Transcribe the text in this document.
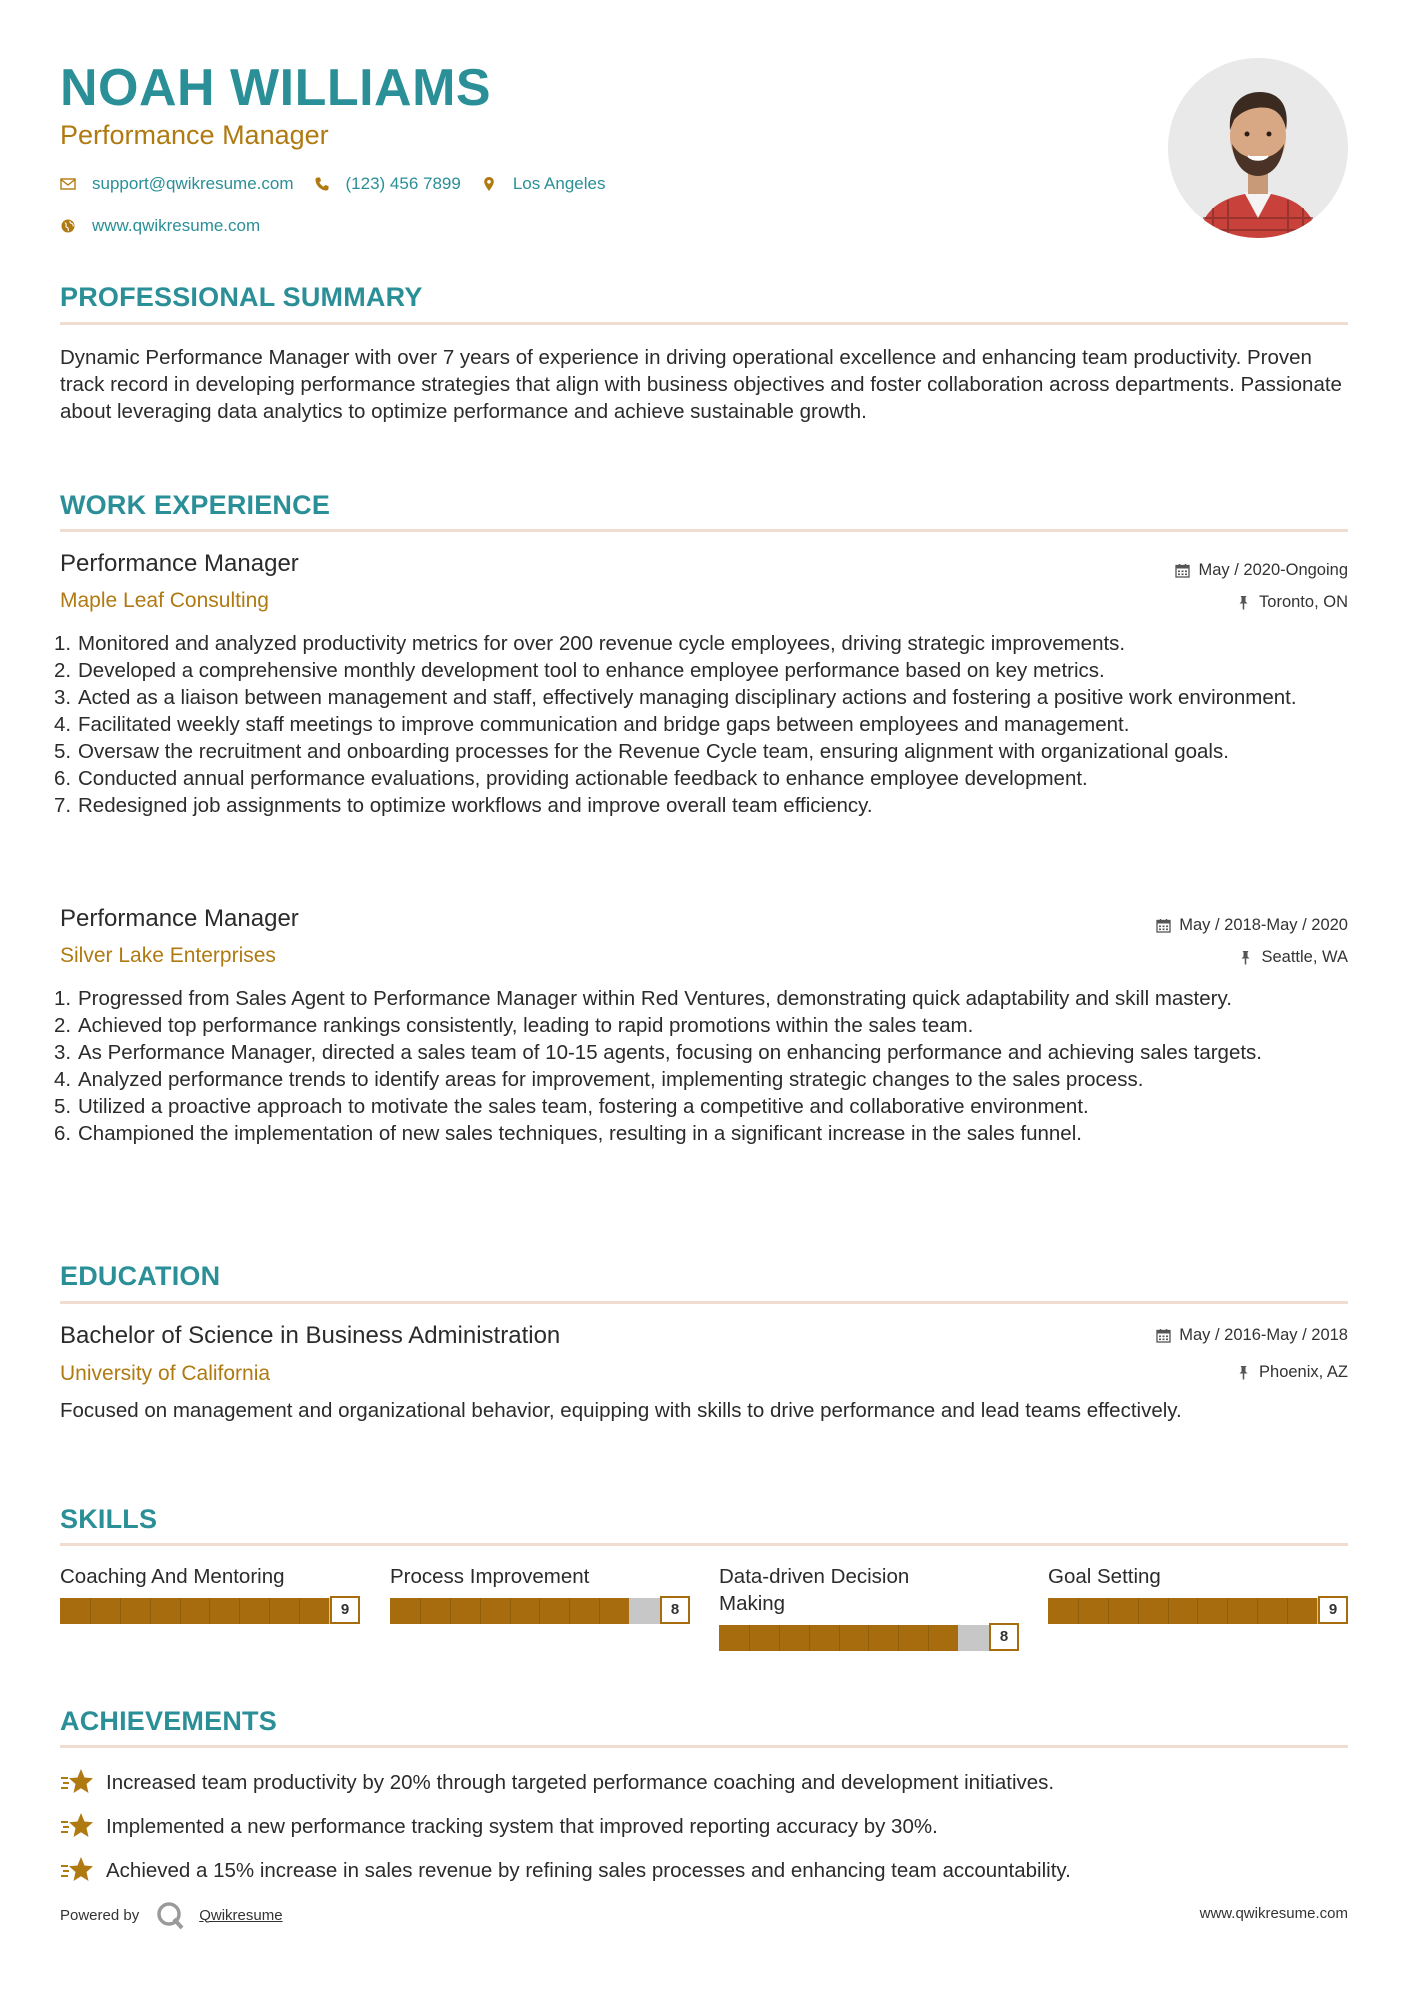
NOAH WILLIAMS
Performance Manager
support@qwikresume.com	(123) 456 7899	Los Angeles
www.qwikresume.com
PROFESSIONAL SUMMARY
Dynamic Performance Manager with over 7 years of experience in driving operational excellence and enhancing team productivity. Proven track record in developing performance strategies that align with business objectives and foster collaboration across departments. Passionate about leveraging data analytics to optimize performance and achieve sustainable growth.
WORK EXPERIENCE
Performance Manager
Maple Leaf Consulting
May / 2020-Ongoing
Toronto, ON
1. Monitored and analyzed productivity metrics for over 200 revenue cycle employees, driving strategic improvements.
2. Developed a comprehensive monthly development tool to enhance employee performance based on key metrics.
3. Acted as a liaison between management and staff, effectively managing disciplinary actions and fostering a positive work environment.
4. Facilitated weekly staff meetings to improve communication and bridge gaps between employees and management.
5. Oversaw the recruitment and onboarding processes for the Revenue Cycle team, ensuring alignment with organizational goals.
6. Conducted annual performance evaluations, providing actionable feedback to enhance employee development.
7. Redesigned job assignments to optimize workflows and improve overall team efficiency.
Performance Manager
Silver Lake Enterprises
May / 2018-May / 2020
Seattle, WA
1. Progressed from Sales Agent to Performance Manager within Red Ventures, demonstrating quick adaptability and skill mastery.
2. Achieved top performance rankings consistently, leading to rapid promotions within the sales team.
3. As Performance Manager, directed a sales team of 10-15 agents, focusing on enhancing performance and achieving sales targets.
4. Analyzed performance trends to identify areas for improvement, implementing strategic changes to the sales process.
5. Utilized a proactive approach to motivate the sales team, fostering a competitive and collaborative environment.
6. Championed the implementation of new sales techniques, resulting in a significant increase in the sales funnel.
EDUCATION
Bachelor of Science in Business Administration
University of California
May / 2016-May / 2018
Phoenix, AZ
Focused on management and organizational behavior, equipping with skills to drive performance and lead teams effectively.
SKILLS
Coaching And Mentoring
9
Process Improvement
8
Data-driven Decision Making
8
Goal Setting
9
ACHIEVEMENTS
Increased team productivity by 20% through targeted performance coaching and development initiatives.
Implemented a new performance tracking system that improved reporting accuracy by 30%.
Achieved a 15% increase in sales revenue by refining sales processes and enhancing team accountability.
Powered by	Qwikresume	www.qwikresume.com
